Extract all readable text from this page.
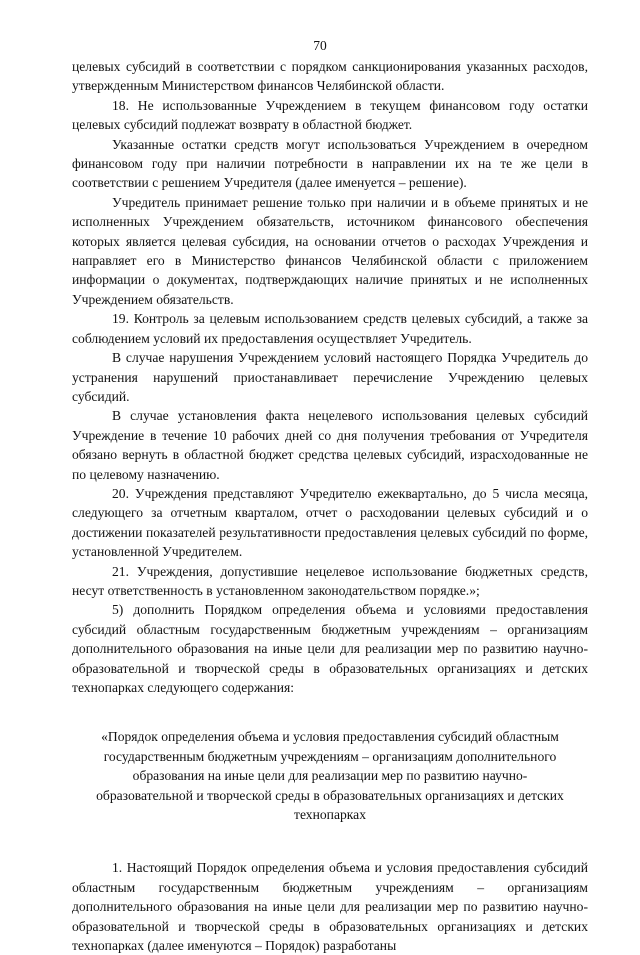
70

целевых субсидий в соответствии с порядком санкционирования указанных расходов, утвержденным Министерством финансов Челябинской области.

18. Не использованные Учреждением в текущем финансовом году остатки целевых субсидий подлежат возврату в областной бюджет.

Указанные остатки средств могут использоваться Учреждением в очередном финансовом году при наличии потребности в направлении их на те же цели в соответствии с решением Учредителя (далее именуется – решение).

Учредитель принимает решение только при наличии и в объеме принятых и не исполненных Учреждением обязательств, источником финансового обеспечения которых является целевая субсидия, на основании отчетов о расходах Учреждения и направляет его в Министерство финансов Челябинской области с приложением информации о документах, подтверждающих наличие принятых и не исполненных Учреждением обязательств.

19. Контроль за целевым использованием средств целевых субсидий, а также за соблюдением условий их предоставления осуществляет Учредитель.

В случае нарушения Учреждением условий настоящего Порядка Учредитель до устранения нарушений приостанавливает перечисление Учреждению целевых субсидий.

В случае установления факта нецелевого использования целевых субсидий Учреждение в течение 10 рабочих дней со дня получения требования от Учредителя обязано вернуть в областной бюджет средства целевых субсидий, израсходованные не по целевому назначению.

20. Учреждения представляют Учредителю ежеквартально, до 5 числа месяца, следующего за отчетным кварталом, отчет о расходовании целевых субсидий и о достижении показателей результативности предоставления целевых субсидий по форме, установленной Учредителем.

21. Учреждения, допустившие нецелевое использование бюджетных средств, несут ответственность в установленном законодательством порядке.»;

5) дополнить Порядком определения объема и условиями предоставления субсидий областным государственным бюджетным учреждениям – организациям дополнительного образования на иные цели для реализации мер по развитию научно-образовательной и творческой среды в образовательных организациях и детских технопарках следующего содержания:

«Порядок определения объема и условия предоставления субсидий областным государственным бюджетным учреждениям – организациям дополнительного образования на иные цели для реализации мер по развитию научно-образовательной и творческой среды в образовательных организациях и детских технопарках

1. Настоящий Порядок определения объема и условия предоставления субсидий областным государственным бюджетным учреждениям – организациям дополнительного образования на иные цели для реализации мер по развитию научно-образовательной и творческой среды в образовательных организациях и детских технопарках (далее именуются – Порядок) разработаны
